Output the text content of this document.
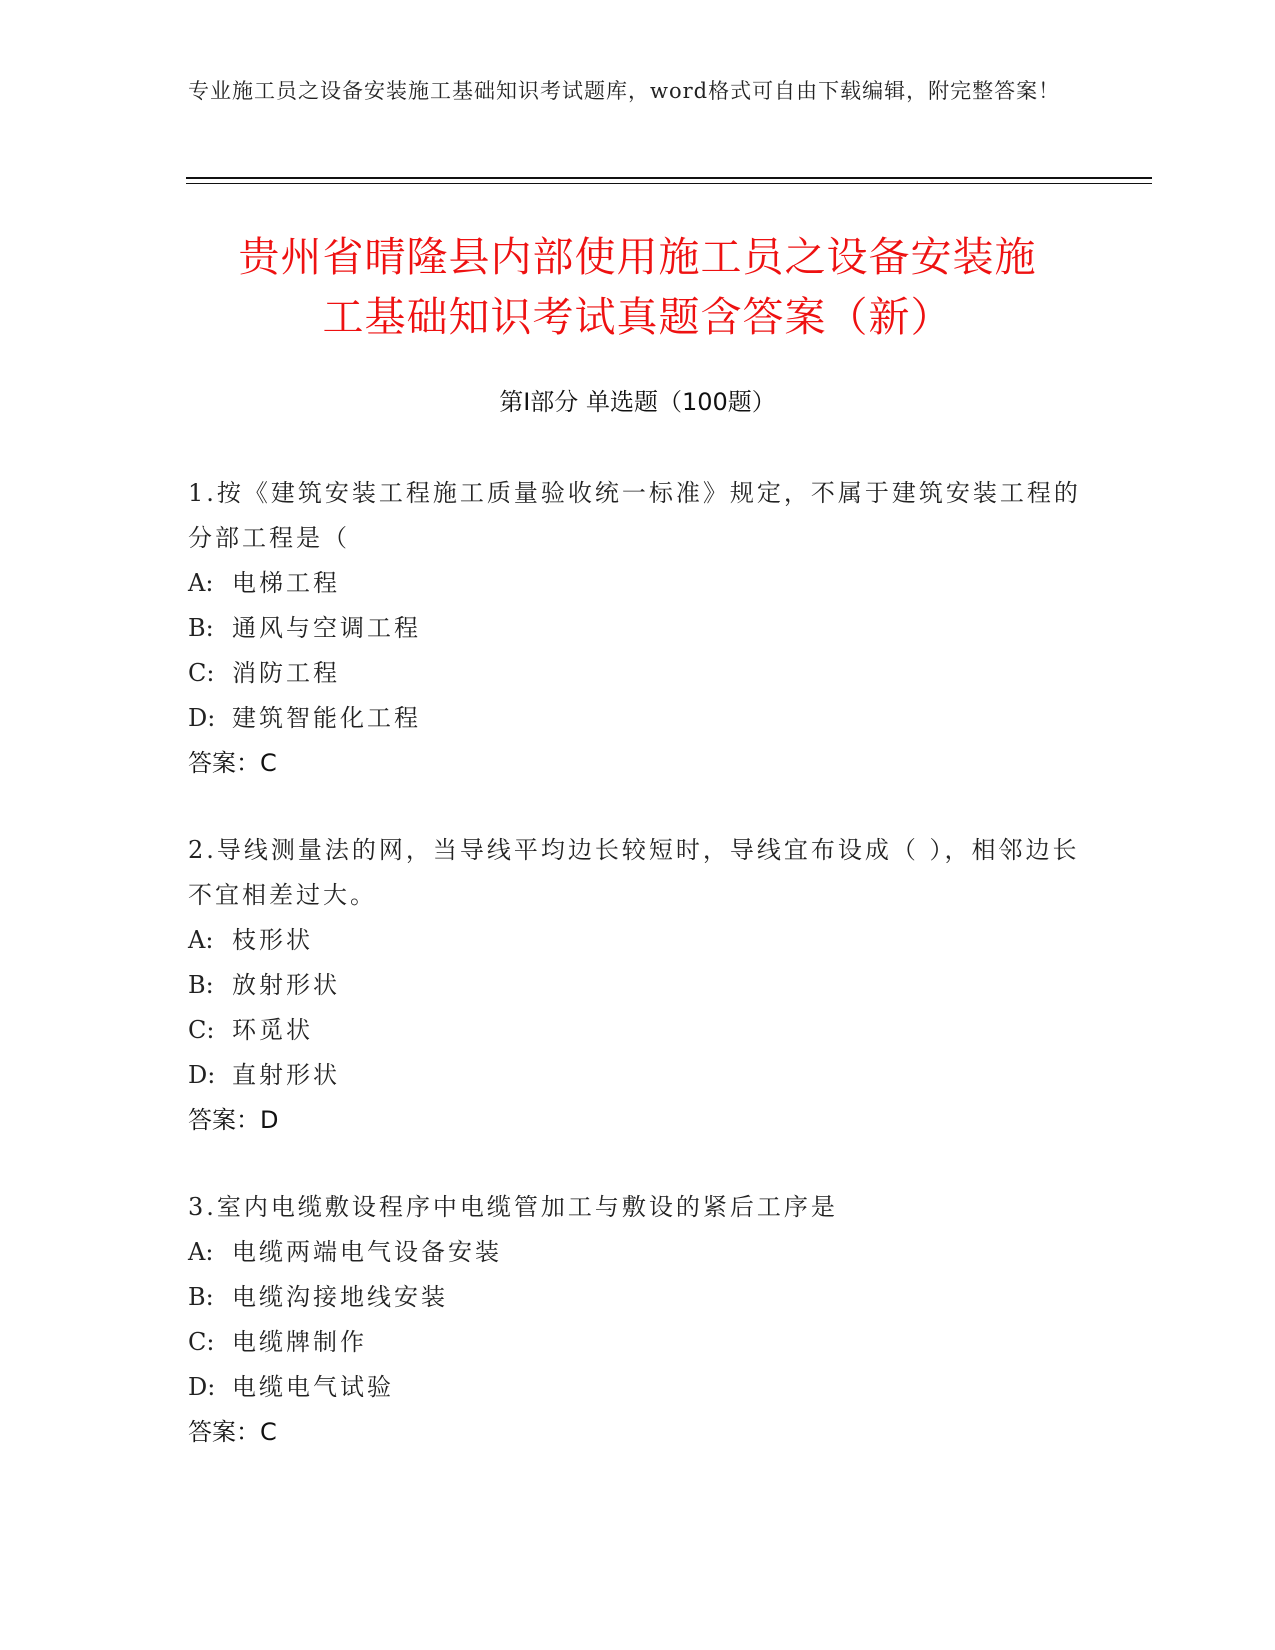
专业施工员之设备安装施工基础知识考试题库，word格式可自由下载编辑，附完整答案！
贵州省晴隆县内部使用施工员之设备安装施
工基础知识考试真题含答案（新）
第Ⅰ部分 单选题（100题）
1.按《建筑安装工程施工质量验收统一标准》规定，不属于建筑安装工程的分部工程是（
A: 电梯工程
B: 通风与空调工程
C: 消防工程
D: 建筑智能化工程
答案：C
2.导线测量法的网，当导线平均边长较短时，导线宜布设成（ ），相邻边长不宜相差过大。
A: 枝形状
B: 放射形状
C: 环觅状
D: 直射形状
答案：D
3.室内电缆敷设程序中电缆管加工与敷设的紧后工序是
A: 电缆两端电气设备安装
B: 电缆沟接地线安装
C: 电缆牌制作
D: 电缆电气试验
答案：C
